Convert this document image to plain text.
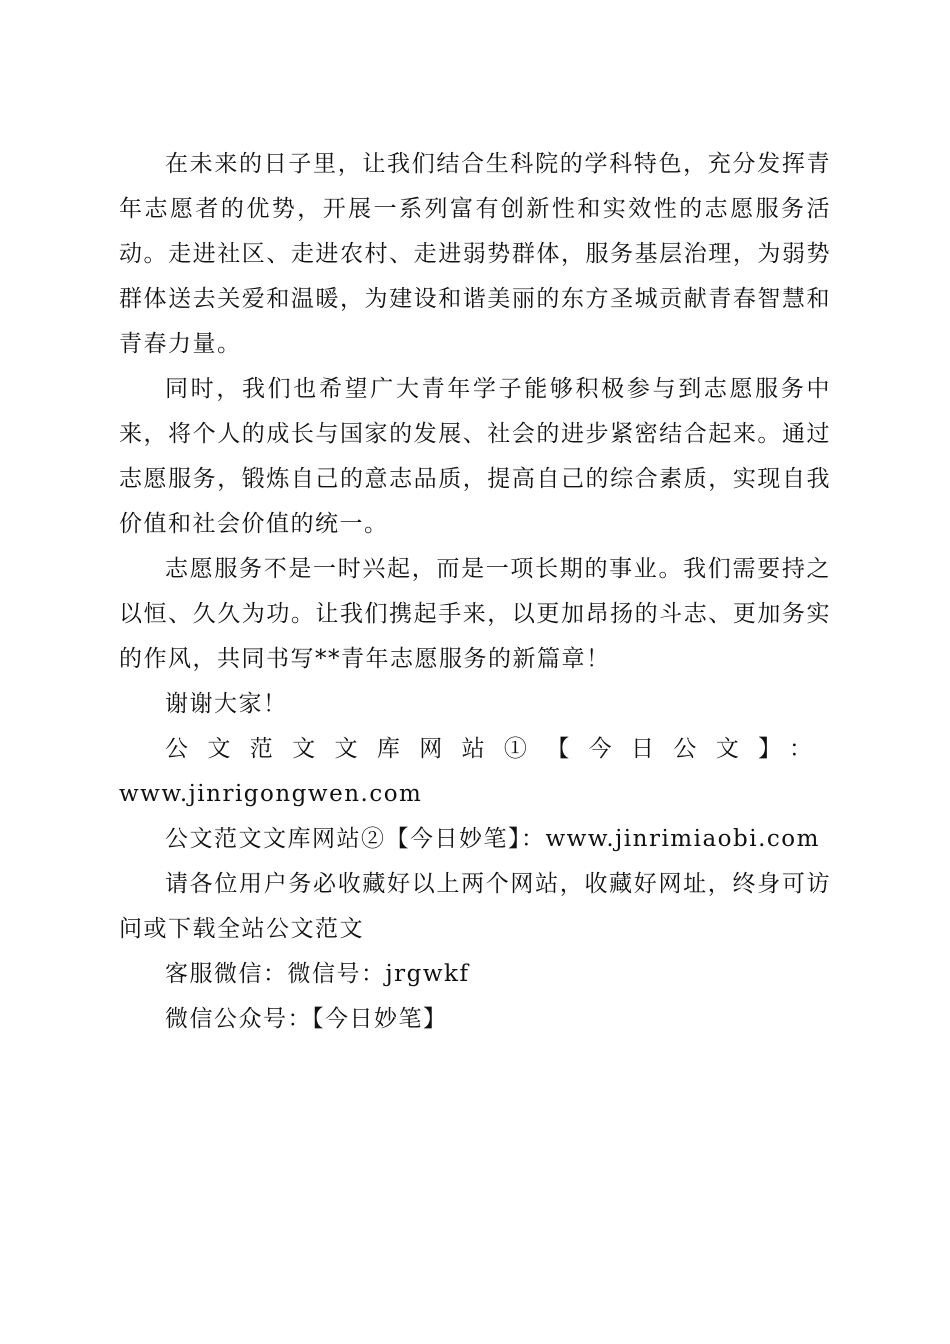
在未来的日子里，让我们结合生科院的学科特色，充分发挥青年志愿者的优势，开展一系列富有创新性和实效性的志愿服务活动。走进社区、走进农村、走进弱势群体，服务基层治理，为弱势群体送去关爱和温暖，为建设和谐美丽的东方圣城贡献青春智慧和青春力量。

同时，我们也希望广大青年学子能够积极参与到志愿服务中来，将个人的成长与国家的发展、社会的进步紧密结合起来。通过志愿服务，锻炼自己的意志品质，提高自己的综合素质，实现自我价值和社会价值的统一。

志愿服务不是一时兴起，而是一项长期的事业。我们需要持之以恒、久久为功。让我们携起手来，以更加昂扬的斗志、更加务实的作风，共同书写**青年志愿服务的新篇章！

谢谢大家！

公文范文文库网站①【今日公文】：www.jinrigongwen.com

公文范文文库网站②【今日妙笔】：www.jinrimiaobi.com

请各位用户务必收藏好以上两个网站，收藏好网址，终身可访问或下载全站公文范文

客服微信：微信号：jrgwkf

微信公众号：【今日妙笔】
